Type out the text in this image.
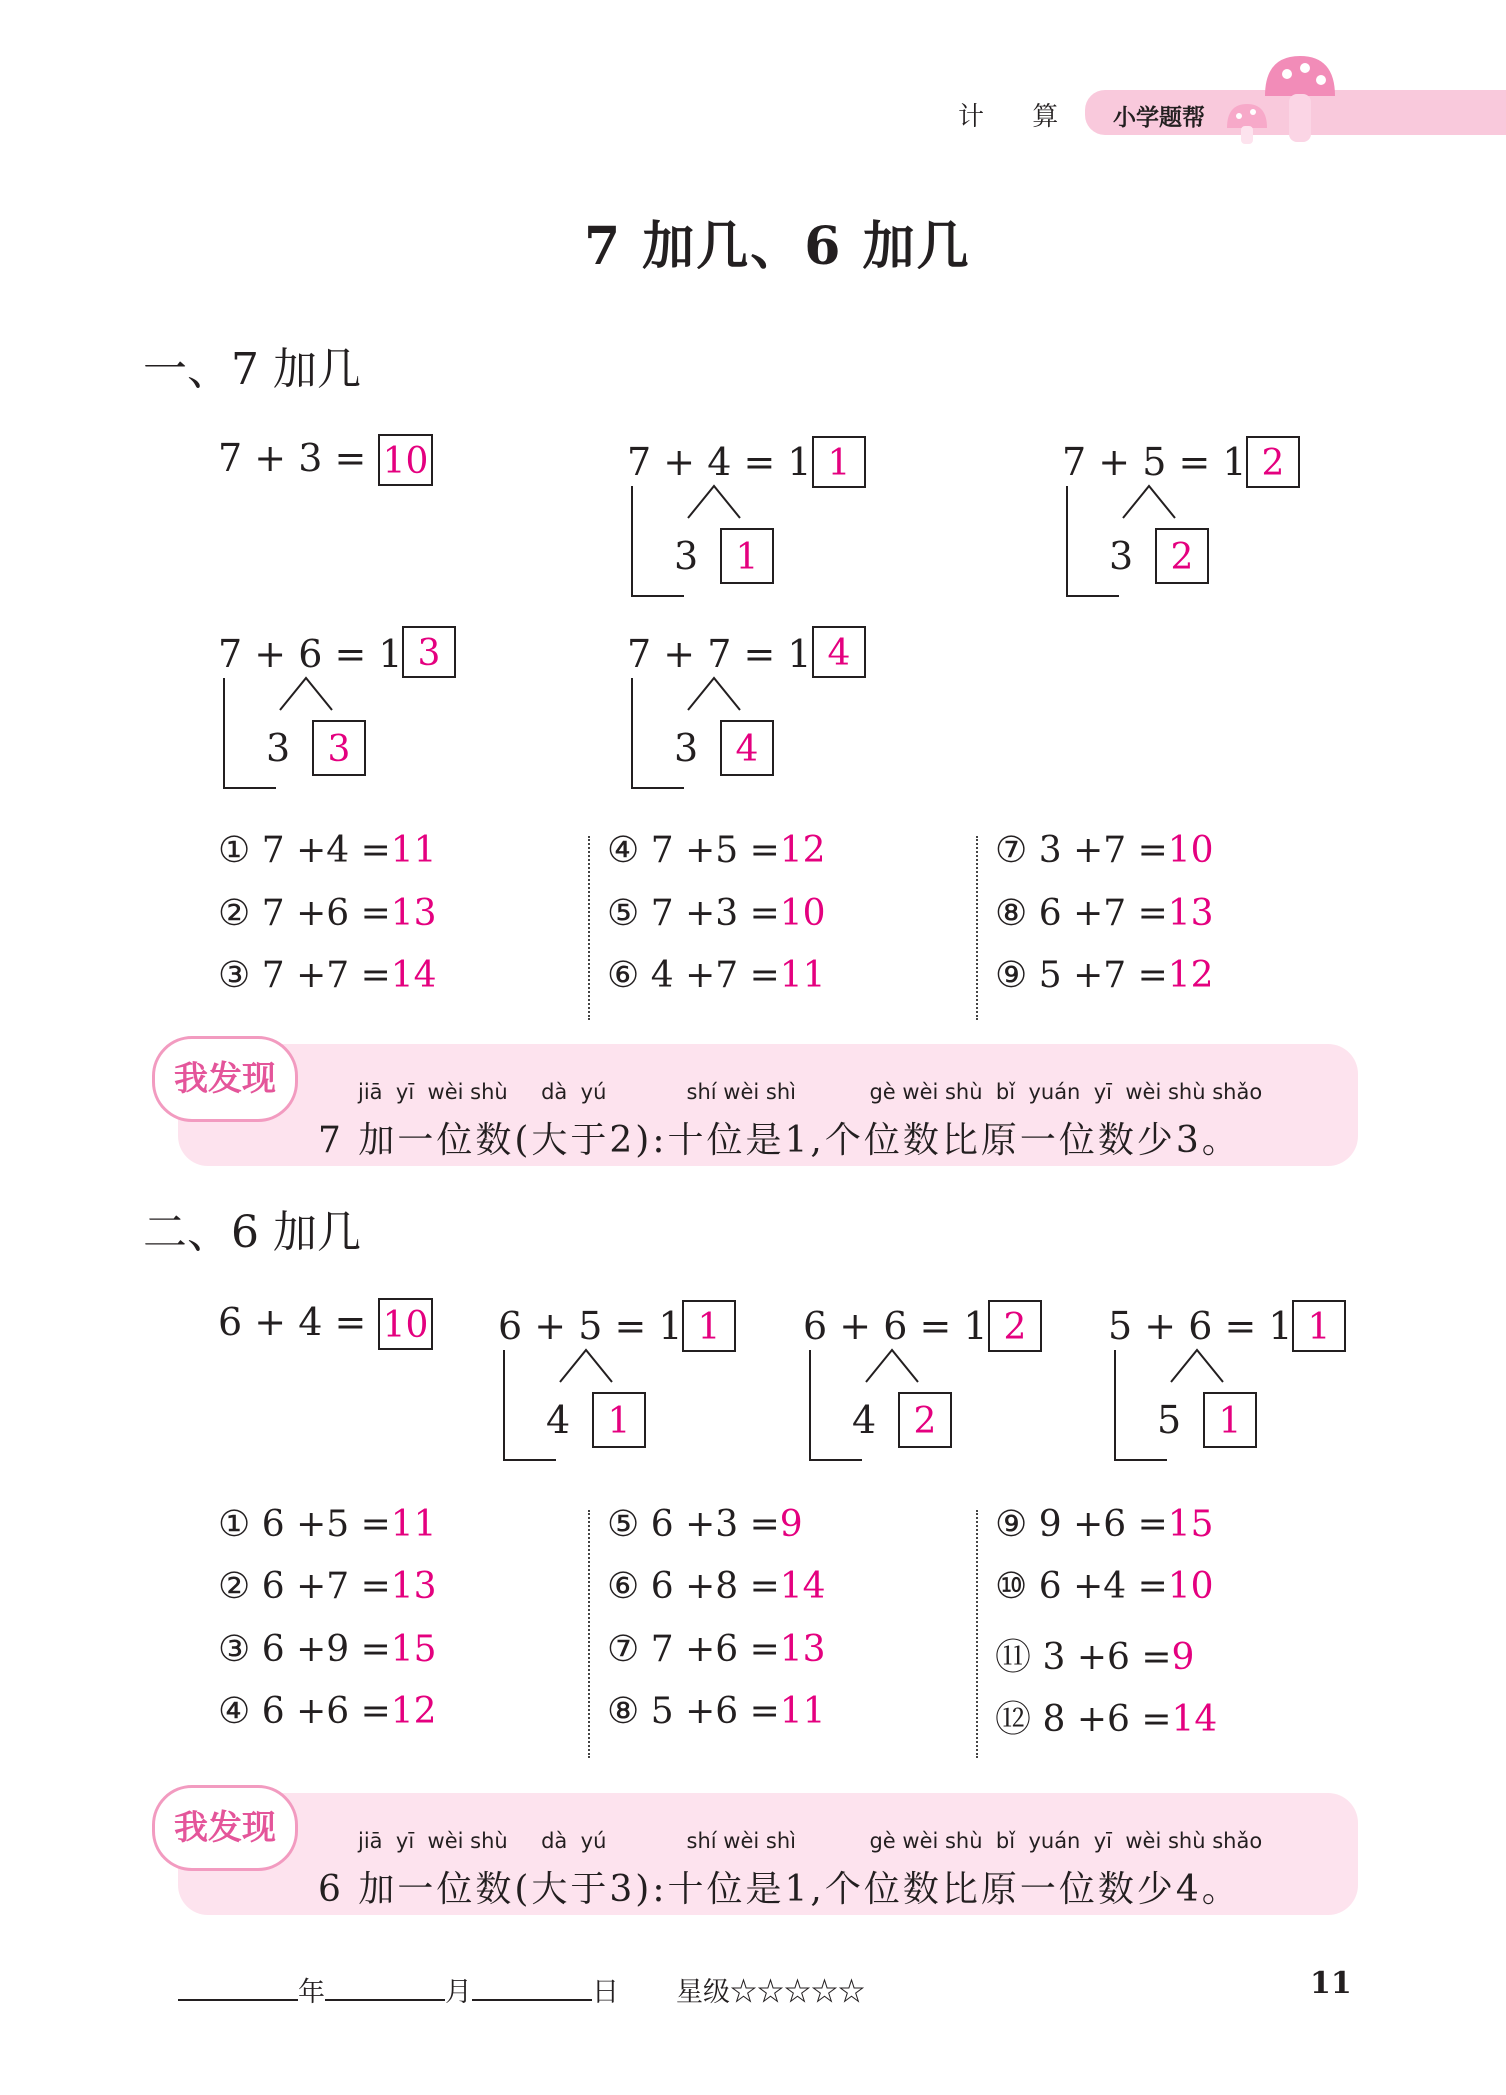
计 算 小学题帮
7 加几、6 加几
一、7 加几
7 + 3 = 10	7 + 4 = 1 1
3	1
7 + 5 = 1 2
3	2
7 + 6 = 1 3
3	3
7 + 7 = 1 4
3	4
① 7 +4 =11
② 7 +6 =13
③ 7 +7 =14
④ 7 +5 =12
⑤ 7 +3 =10
⑥ 4 +7 =11
⑦ 3 +7 =10
⑧ 6 +7 =13
⑨ 5 +7 =12
我发现	jiā yī wèi shù dà yú	shí wèi shì	gè wèi shù bǐ yuán yī wèi shù shǎo
7 加一位数(大于2):十位是1,个位数比原一位数少3。
二、6 加几
6 + 4 = 10 6 + 5 = 1 1
4	1
6 + 6 = 1 2
4	2
5 + 6 = 1 1
5	1
① 6 +5 =11
② 6 +7 =13
③ 6 +9 =15
④ 6 +6 =12
⑤ 6 +3 =9
⑥ 6 +8 =14
⑦ 7 +6 =13
⑧ 5 +6 =11
⑨ 9 +6 =15
⑩ 6 +4 =10
⑪ 3 +6 =9
⑫ 8 +6 =14
我发现	jiā yī wèi shù dà yú	shí wèi shì	gè wèi shù bǐ yuán yī wèi shù shǎo
6 加一位数(大于3):十位是1,个位数比原一位数少4。
年	月	日 星级☆☆☆☆☆	11
